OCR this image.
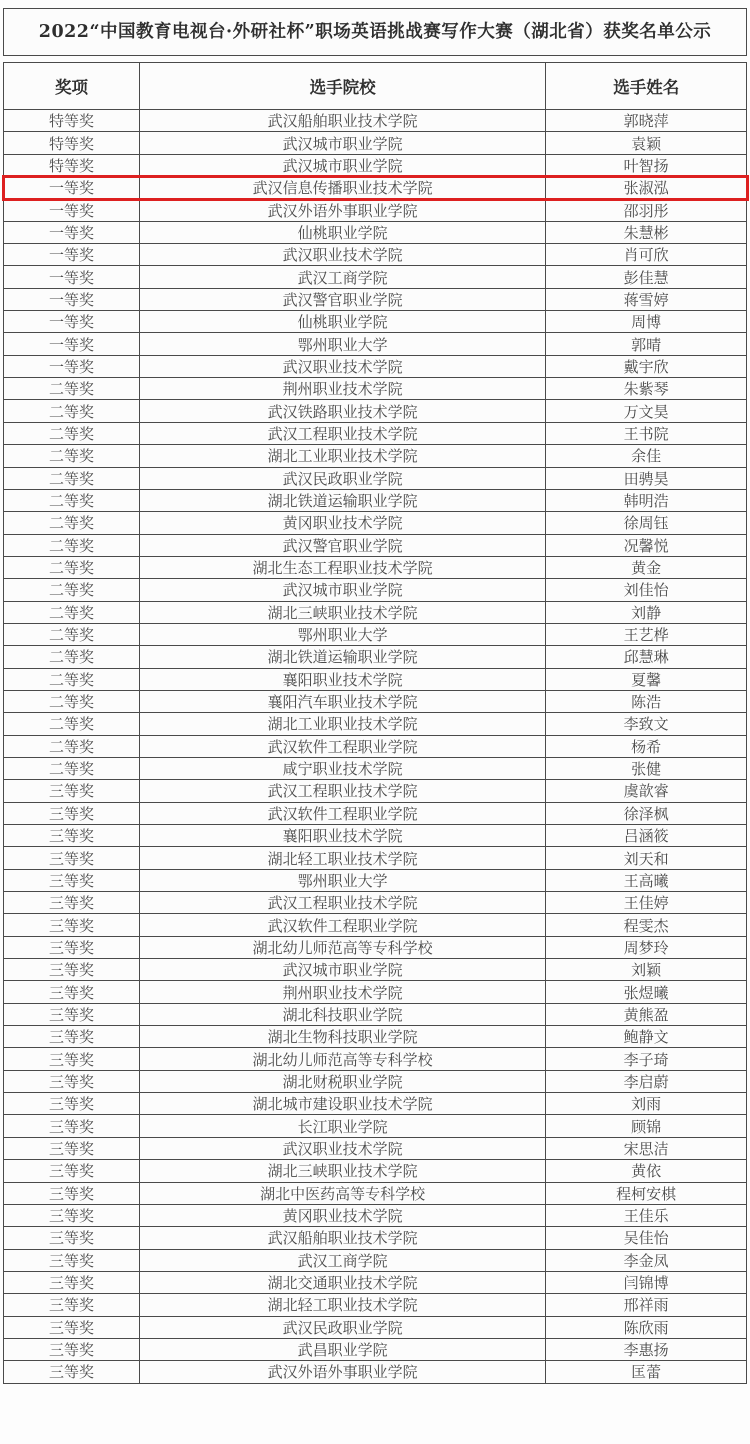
2022“中国教育电视台·外研社杯”职场英语挑战赛写作大赛（湖北省）获奖名单公示
奖项	选手院校	选手姓名
特等奖	武汉船舶职业技术学院	郭晓萍
特等奖	武汉城市职业学院	袁颖
特等奖	武汉城市职业学院	叶智扬
一等奖	武汉信息传播职业技术学院	张淑泓
一等奖	武汉外语外事职业学院	邵羽彤
一等奖	仙桃职业学院	朱慧彬
一等奖	武汉职业技术学院	肖可欣
一等奖	武汉工商学院	彭佳慧
一等奖	武汉警官职业学院	蒋雪婷
一等奖	仙桃职业学院	周博
一等奖	鄂州职业大学	郭晴
一等奖	武汉职业技术学院	戴宇欣
二等奖	荆州职业技术学院	朱紫琴
二等奖	武汉铁路职业技术学院	万文昊
二等奖	武汉工程职业技术学院	王书院
二等奖	湖北工业职业技术学院	余佳
二等奖	武汉民政职业学院	田骋昊
二等奖	湖北铁道运输职业学院	韩明浩
二等奖	黄冈职业技术学院	徐周钰
二等奖	武汉警官职业学院	况馨悦
二等奖	湖北生态工程职业技术学院	黄金
二等奖	武汉城市职业学院	刘佳怡
二等奖	湖北三峡职业技术学院	刘静
二等奖	鄂州职业大学	王艺桦
二等奖	湖北铁道运输职业学院	邱慧琳
二等奖	襄阳职业技术学院	夏馨
二等奖	襄阳汽车职业技术学院	陈浩
二等奖	湖北工业职业技术学院	李致文
二等奖	武汉软件工程职业学院	杨希
二等奖	咸宁职业技术学院	张健
三等奖	武汉工程职业技术学院	虞歆睿
三等奖	武汉软件工程职业学院	徐泽枫
三等奖	襄阳职业技术学院	吕涵筱
三等奖	湖北轻工职业技术学院	刘天和
三等奖	鄂州职业大学	王高曦
三等奖	武汉工程职业技术学院	王佳婷
三等奖	武汉软件工程职业学院	程雯杰
三等奖	湖北幼儿师范高等专科学校	周梦玲
三等奖	武汉城市职业学院	刘颖
三等奖	荆州职业技术学院	张煜曦
三等奖	湖北科技职业学院	黄熊盈
三等奖	湖北生物科技职业学院	鲍静文
三等奖	湖北幼儿师范高等专科学校	李子琦
三等奖	湖北财税职业学院	李启蔚
三等奖	湖北城市建设职业技术学院	刘雨
三等奖	长江职业学院	顾锦
三等奖	武汉职业技术学院	宋思洁
三等奖	湖北三峡职业技术学院	黄依
三等奖	湖北中医药高等专科学校	程柯安棋
三等奖	黄冈职业技术学院	王佳乐
三等奖	武汉船舶职业技术学院	吴佳怡
三等奖	武汉工商学院	李金凤
三等奖	湖北交通职业技术学院	闫锦博
三等奖	湖北轻工职业技术学院	邢祥雨
三等奖	武汉民政职业学院	陈欣雨
三等奖	武昌职业学院	李惠扬
三等奖	武汉外语外事职业学院	匡蕾
